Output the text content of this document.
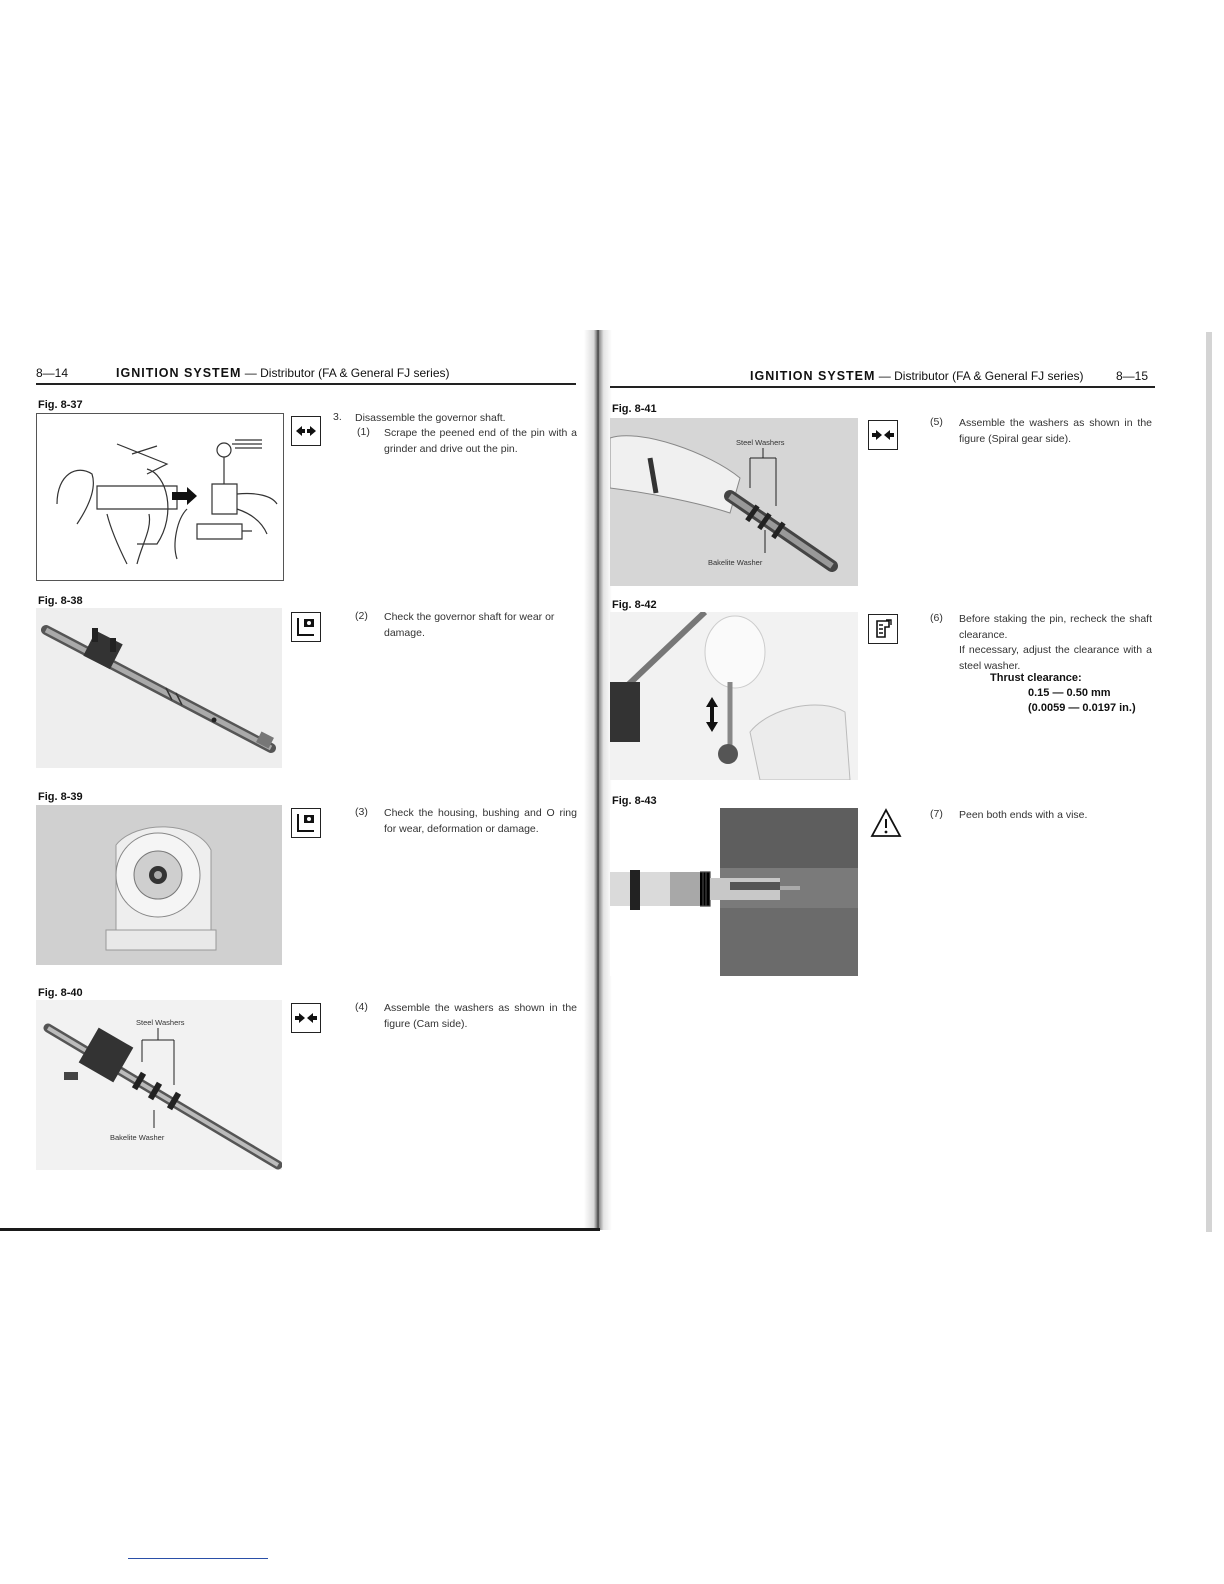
8—14	IGNITION SYSTEM — Distributor (FA & General FJ series)
Fig. 8-37
3. Disassemble the governor shaft.
(1) Scrape the peened end of the pin with a grinder and drive out the pin.
Fig. 8-38
(2) Check the governor shaft for wear or damage.
Fig. 8-39
(3) Check the housing, bushing and O ring for wear, deformation or damage.
Fig. 8-40
Steel Washers
Bakelite Washer
(4) Assemble the washers as shown in the figure (Cam side).
IGNITION SYSTEM — Distributor (FA & General FJ series)	8—15
Fig. 8-41
Steel Washers
Bakelite Washer
(5) Assemble the washers as shown in the figure (Spiral gear side).
Fig. 8-42
(6) Before staking the pin, recheck the shaft clearance.
If necessary, adjust the clearance with a steel washer.
Thrust clearance:
0.15 — 0.50 mm
(0.0059 — 0.0197 in.)
Fig. 8-43
(7) Peen both ends with a vise.
